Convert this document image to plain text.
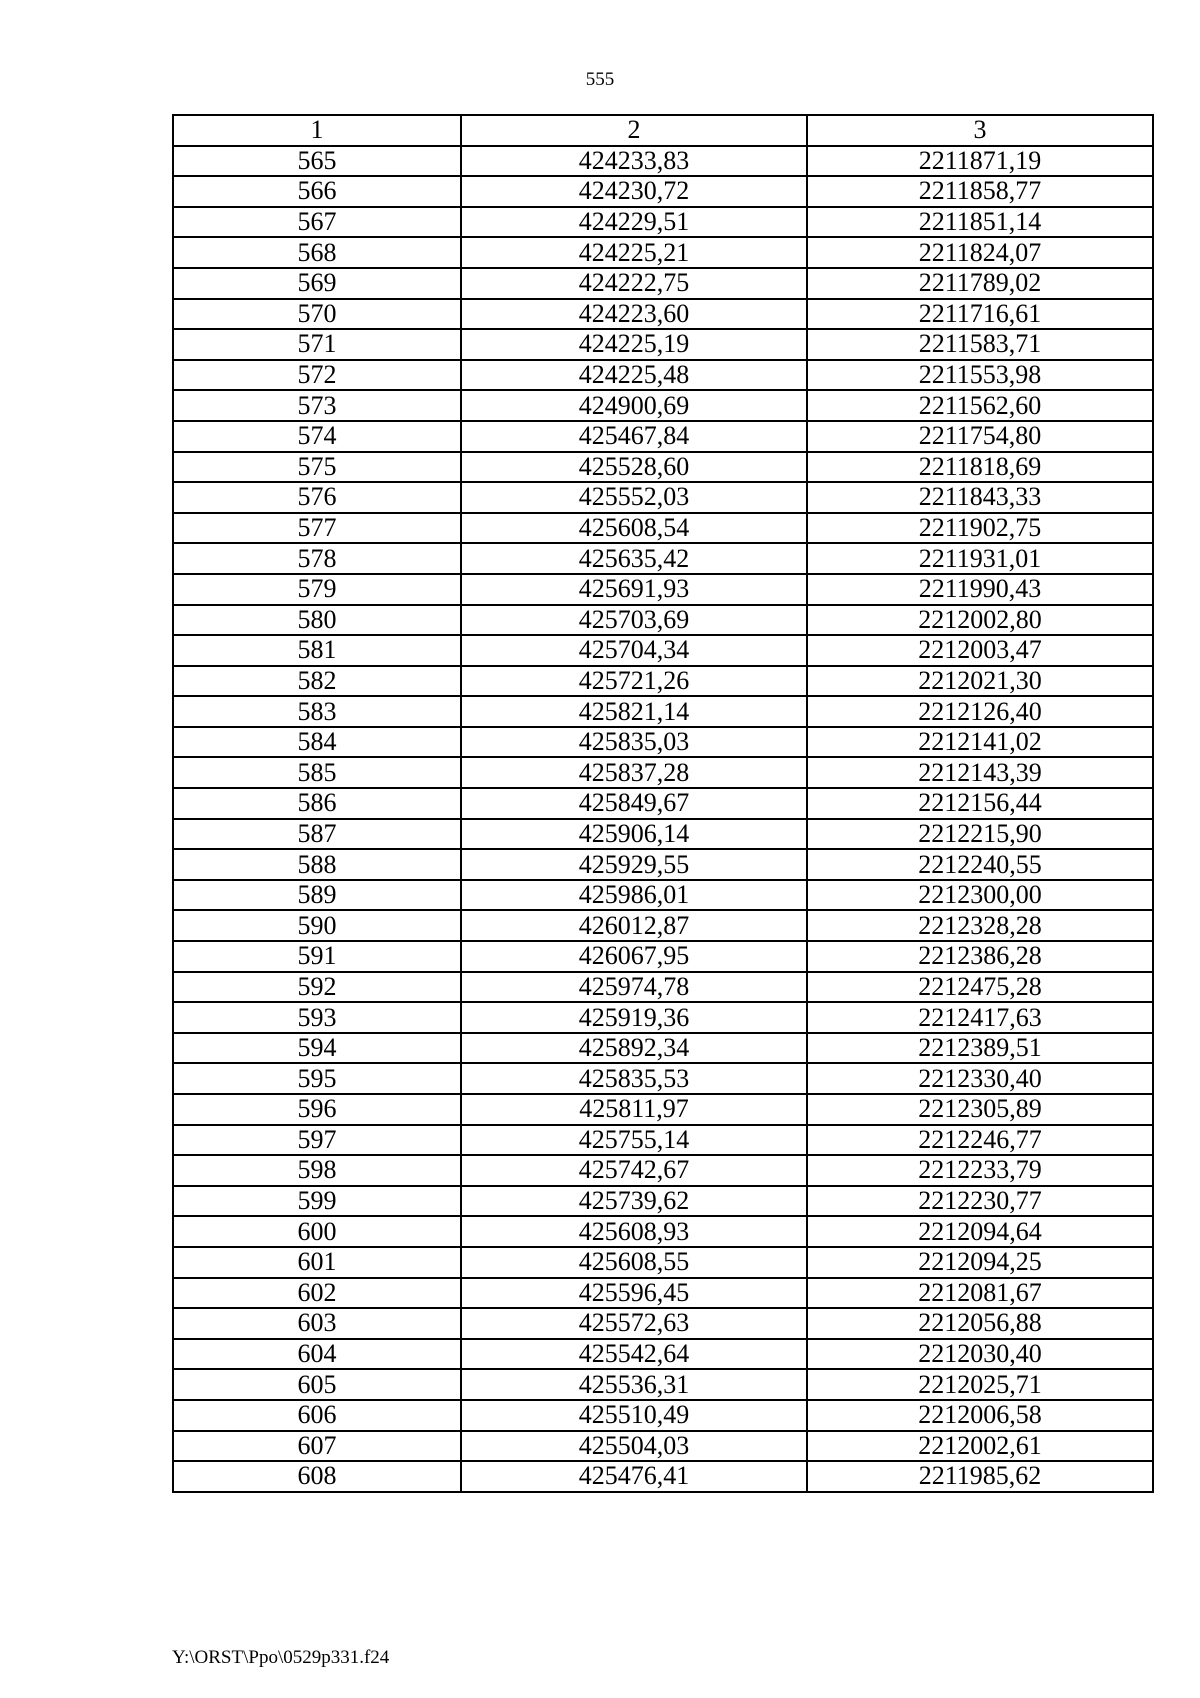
555
1	2	3
565	424233,83	2211871,19
566	424230,72	2211858,77
567	424229,51	2211851,14
568	424225,21	2211824,07
569	424222,75	2211789,02
570	424223,60	2211716,61
571	424225,19	2211583,71
572	424225,48	2211553,98
573	424900,69	2211562,60
574	425467,84	2211754,80
575	425528,60	2211818,69
576	425552,03	2211843,33
577	425608,54	2211902,75
578	425635,42	2211931,01
579	425691,93	2211990,43
580	425703,69	2212002,80
581	425704,34	2212003,47
582	425721,26	2212021,30
583	425821,14	2212126,40
584	425835,03	2212141,02
585	425837,28	2212143,39
586	425849,67	2212156,44
587	425906,14	2212215,90
588	425929,55	2212240,55
589	425986,01	2212300,00
590	426012,87	2212328,28
591	426067,95	2212386,28
592	425974,78	2212475,28
593	425919,36	2212417,63
594	425892,34	2212389,51
595	425835,53	2212330,40
596	425811,97	2212305,89
597	425755,14	2212246,77
598	425742,67	2212233,79
599	425739,62	2212230,77
600	425608,93	2212094,64
601	425608,55	2212094,25
602	425596,45	2212081,67
603	425572,63	2212056,88
604	425542,64	2212030,40
605	425536,31	2212025,71
606	425510,49	2212006,58
607	425504,03	2212002,61
608	425476,41	2211985,62
Y:\ORST\Ppo\0529p331.f24
